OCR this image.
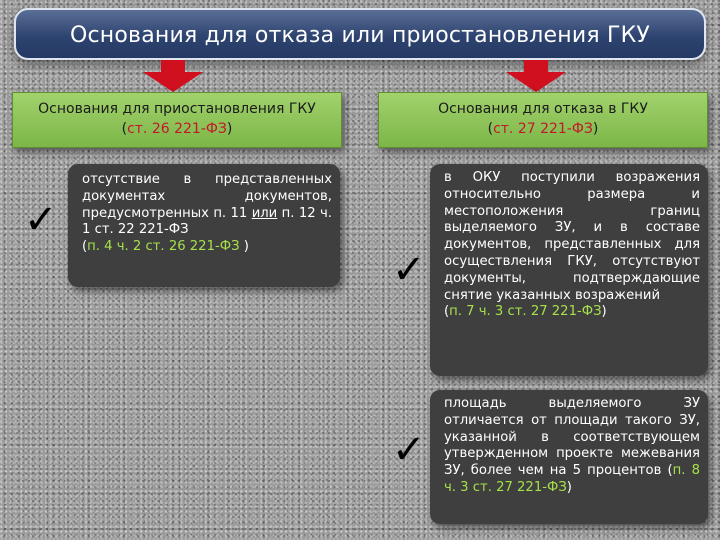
Основания для отказа или приостановления ГКУ
Основания для приостановления ГКУ
(ст. 26 221-ФЗ)
Основания для отказа в ГКУ
(ст. 27 221-ФЗ)
✓
отсутствие в представленных документах документов, предусмотренных п. 11 или п. 12 ч. 1 ст. 22 221-ФЗ
(п. 4 ч. 2 ст. 26 221-ФЗ )
✓
в ОКУ поступили возражения относительно размера и местоположения границ выделяемого ЗУ, и в составе документов, представленных для осуществления ГКУ, отсутствуют документы, подтверждающие снятие указанных возражений
(п. 7 ч. 3 ст. 27 221-ФЗ)
✓
площадь выделяемого ЗУ отличается от площади такого ЗУ, указанной в соответствующем утвержденном проекте межевания ЗУ, более чем на 5 процентов (п. 8 ч. 3 ст. 27 221-ФЗ)
